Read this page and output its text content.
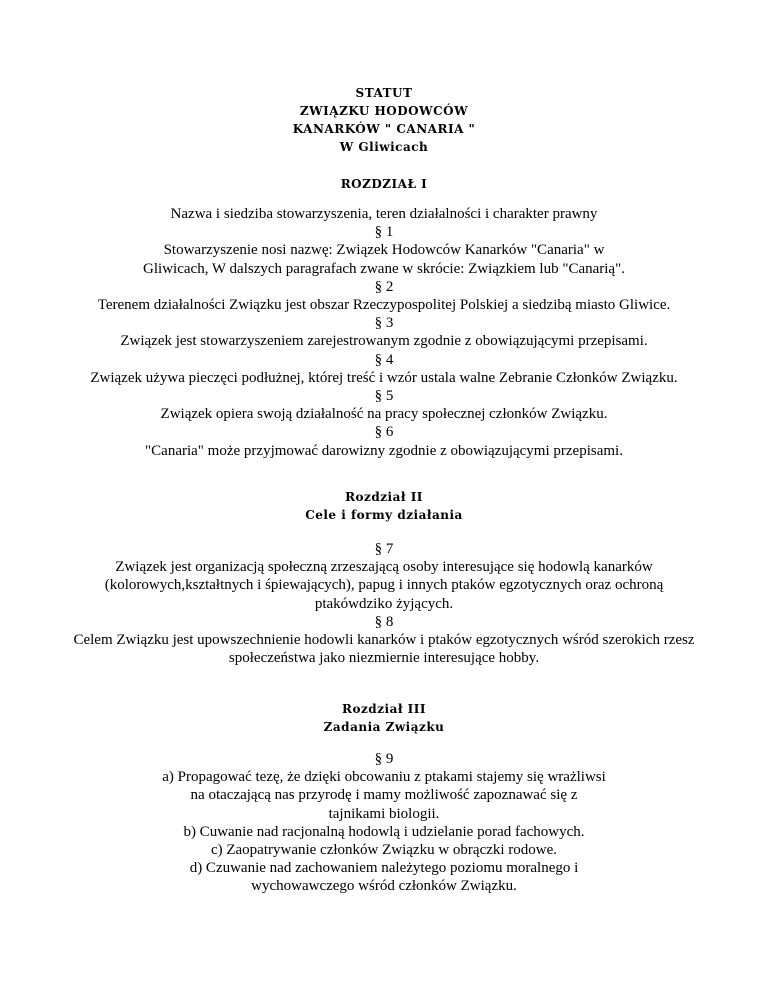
STATUT
ZWIĄZKU HODOWCÓW
KANARKÓW " CANARIA "
W Gliwicach
ROZDZIAŁ I
Nazwa i siedziba stowarzyszenia, teren działalności i charakter prawny
§ 1
Stowarzyszenie nosi nazwę: Związek Hodowców Kanarków "Canaria" w
Gliwicach, W dalszych paragrafach zwane w skrócie: Związkiem lub "Canarią".
§ 2
Terenem działalności Związku jest obszar Rzeczypospolitej Polskiej a siedzibą miasto Gliwice.
§ 3
Związek jest stowarzyszeniem zarejestrowanym zgodnie z obowiązującymi przepisami.
§ 4
Związek używa pieczęci podłużnej, której treść i wzór ustala walne Zebranie Członków Związku.
§ 5
Związek opiera swoją działalność na pracy społecznej członków Związku.
§ 6
"Canaria" może przyjmować darowizny zgodnie z obowiązującymi przepisami.
Rozdział II
Cele i formy działania
§ 7
Związek jest organizacją społeczną zrzeszającą osoby interesujące się hodowlą kanarków
(kolorowych,kształtnych i śpiewających), papug i innych ptaków egzotycznych oraz ochroną
ptakówdziko żyjących.
§ 8
Celem Związku jest upowszechnienie hodowli kanarków i ptaków egzotycznych wśród szerokich rzesz
społeczeństwa jako niezmiernie interesujące hobby.
Rozdział III
Zadania Związku
§ 9
a) Propagować tezę, że dzięki obcowaniu z ptakami stajemy się wrażliwsi
na otaczającą nas przyrodę i mamy możliwość zapoznawać się z
tajnikami biologii.
b) Cuwanie nad racjonalną hodowlą i udzielanie porad fachowych.
c) Zaopatrywanie członków Związku w obrączki rodowe.
d) Czuwanie nad zachowaniem należytego poziomu moralnego i
wychowawczego wśród członków Związku.
